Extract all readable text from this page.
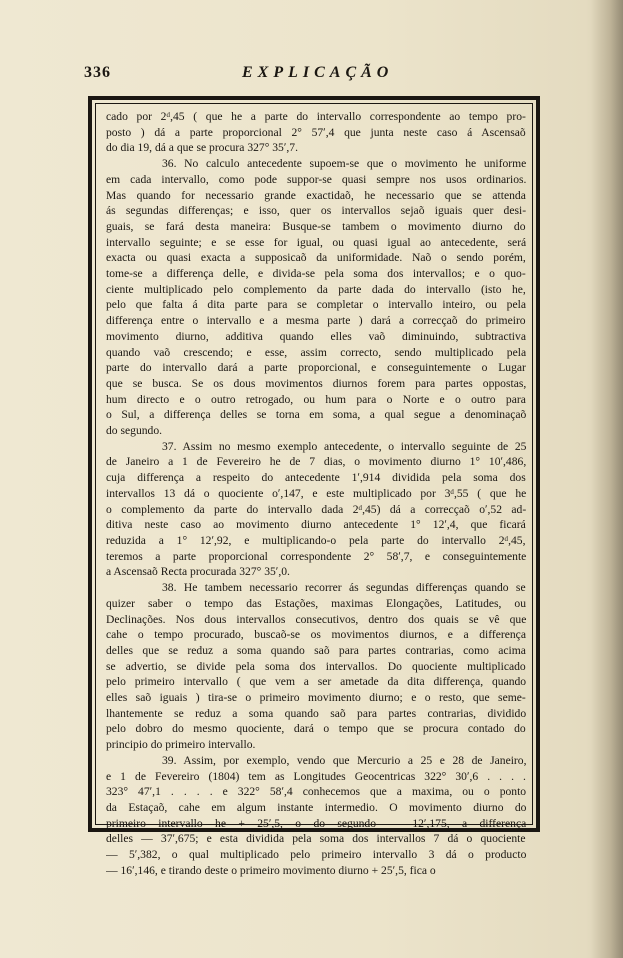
336	EXPLICAÇÃO

cado por 2ᵈ,45 ( que he a parte do intervallo correspondente ao tempo pro-
posto ) dá a parte proporcional 2° 57ʹ,4 que junta neste caso á Ascensaõ
do dia 19, dá a que se procura 327° 35ʹ,7.

36. No calculo antecedente supoem-se que o movimento he uniforme
em cada intervallo, como pode suppor-se quasi sempre nos usos ordinarios.
Mas quando for necessario grande exactidaõ, he necessario que se attenda
ás segundas differenças; e isso, quer os intervallos sejaõ iguais quer desi-
guais, se fará desta maneira: Busque-se tambem o movimento diurno do
intervallo seguinte; e se esse for igual, ou quasi igual ao antecedente, será
exacta ou quasi exacta a supposicaõ da uniformidade. Naõ o sendo porém,
tome-se a differença delle, e divida-se pela soma dos intervallos; e o quo-
ciente multiplicado pelo complemento da parte dada do intervallo (isto he,
pelo que falta á dita parte para se completar o intervallo inteiro, ou pela
differença entre o intervallo e a mesma parte ) dará a correcçaõ do primeiro
movimento diurno, additiva quando elles vaõ diminuindo, subtractiva
quando vaõ crescendo; e esse, assim correcto, sendo multiplicado pela
parte do intervallo dará a parte proporcional, e conseguintemente o Lugar
que se busca. Se os dous movimentos diurnos forem para partes oppostas,
hum directo e o outro retrogado, ou hum para o Norte e o outro para
o Sul, a differença delles se torna em soma, a qual segue a denominaçaõ
do segundo.

37. Assim no mesmo exemplo antecedente, o intervallo seguinte de 25
de Janeiro a 1 de Fevereiro he de 7 dias, o movimento diurno 1° 10ʹ,486,
cuja differença a respeito do antecedente 1ʹ,914 dividida pela soma dos
intervallos 13 dá o quociente oʹ,147, e este multiplicado por 3ᵈ,55 ( que he
o complemento da parte do intervallo dada 2ᵈ,45) dá a correcçaõ oʹ,52 ad-
ditiva neste caso ao movimento diurno antecedente 1° 12ʹ,4, que ficará
reduzida a 1° 12ʹ,92, e multiplicando-o pela parte do intervallo 2ᵈ,45,
teremos a parte proporcional correspondente 2° 58ʹ,7, e conseguintemente
a Ascensaõ Recta procurada 327° 35ʹ,0.

38. He tambem necessario recorrer ás segundas differenças quando se
quizer saber o tempo das Estações, maximas Elongações, Latitudes, ou
Declinações. Nos dous intervallos consecutivos, dentro dos quais se vê que
cahe o tempo procurado, buscaõ-se os movimentos diurnos, e a differença
delles que se reduz a soma quando saõ para partes contrarias, como acima
se advertio, se divide pela soma dos intervallos. Do quociente multiplicado
pelo primeiro intervallo ( que vem a ser ametade da dita differença, quando
elles saõ iguais ) tira-se o primeiro movimento diurno; e o resto, que seme-
lhantemente se reduz a soma quando saõ para partes contrarias, dividido
pelo dobro do mesmo quociente, dará o tempo que se procura contado do
principio do primeiro intervallo.

39. Assim, por exemplo, vendo que Mercurio a 25 e 28 de Janeiro,
e 1 de Fevereiro (1804) tem as Longitudes Geocentricas 322° 30ʹ,6 . . . .
323° 47ʹ,1 . . . . e 322° 58ʹ,4 conhecemos que a maxima, ou o ponto
da Estaçaõ, cahe em algum instante intermedio. O movimento diurno do
primeiro intervallo he + 25ʹ,5, o do segundo — 12ʹ,175, a differença
delles — 37ʹ,675; e esta dividida pela soma dos intervallos 7 dá o quociente
— 5ʹ,382, o qual multiplicado pelo primeiro intervallo 3 dá o producto
— 16ʹ,146, e tirando deste o primeiro movimento diurno + 25ʹ,5, fica o
